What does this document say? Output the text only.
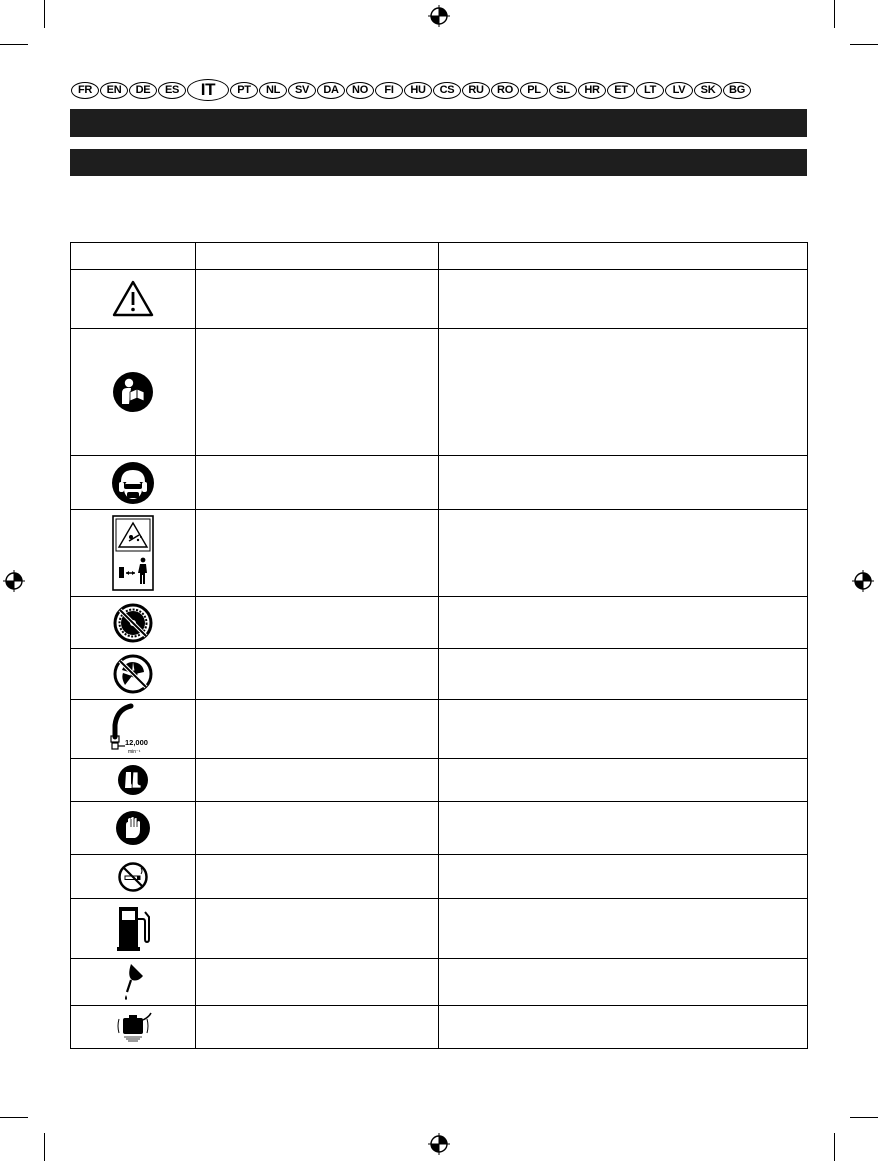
FR	EN	DE	ES	IT	PT	NL	SV	DA	NO	FI	HU	CS	RU	RO	PL	SL	HR	ET	LT	LV	SK	BG

12,000
min⁻¹		
